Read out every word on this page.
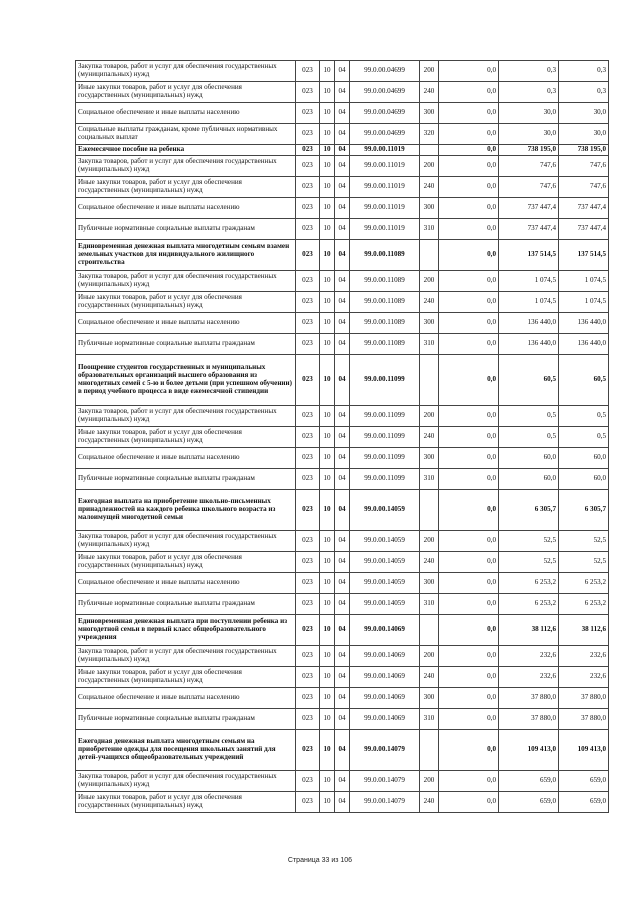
Закупка товаров, работ и услуг для обеспечения государственных (муниципальных) нужд	023	10	04	99.0.00.04699	200	0,0	0,3	0,3
Иные закупки товаров, работ и услуг для обеспечения государственных (муниципальных) нужд	023	10	04	99.0.00.04699	240	0,0	0,3	0,3
Социальное обеспечение и иные выплаты населению	023	10	04	99.0.00.04699	300	0,0	30,0	30,0
Социальные выплаты гражданам, кроме публичных нормативных социальных выплат	023	10	04	99.0.00.04699	320	0,0	30,0	30,0
Ежемесячное пособие на ребенка	023	10	04	99.0.00.11019		0,0	738 195,0	738 195,0
Закупка товаров, работ и услуг для обеспечения государственных (муниципальных) нужд	023	10	04	99.0.00.11019	200	0,0	747,6	747,6
Иные закупки товаров, работ и услуг для обеспечения государственных (муниципальных) нужд	023	10	04	99.0.00.11019	240	0,0	747,6	747,6
Социальное обеспечение и иные выплаты населению	023	10	04	99.0.00.11019	300	0,0	737 447,4	737 447,4
Публичные нормативные социальные выплаты гражданам	023	10	04	99.0.00.11019	310	0,0	737 447,4	737 447,4
Единовременная денежная выплата многодетным семьям взамен земельных участков для индивидуального жилищного строительства	023	10	04	99.0.00.11089		0,0	137 514,5	137 514,5
Закупка товаров, работ и услуг для обеспечения государственных (муниципальных) нужд	023	10	04	99.0.00.11089	200	0,0	1 074,5	1 074,5
Иные закупки товаров, работ и услуг для обеспечения государственных (муниципальных) нужд	023	10	04	99.0.00.11089	240	0,0	1 074,5	1 074,5
Социальное обеспечение и иные выплаты населению	023	10	04	99.0.00.11089	300	0,0	136 440,0	136 440,0
Публичные нормативные социальные выплаты гражданам	023	10	04	99.0.00.11089	310	0,0	136 440,0	136 440,0
Поощрение студентов государственных и муниципальных образовательных организаций высшего образования из многодетных семей с 5-ю и более детьми (при успешном обучении) в период учебного процесса в виде ежемесячной стипендии	023	10	04	99.0.00.11099		0,0	60,5	60,5
Закупка товаров, работ и услуг для обеспечения государственных (муниципальных) нужд	023	10	04	99.0.00.11099	200	0,0	0,5	0,5
Иные закупки товаров, работ и услуг для обеспечения государственных (муниципальных) нужд	023	10	04	99.0.00.11099	240	0,0	0,5	0,5
Социальное обеспечение и иные выплаты населению	023	10	04	99.0.00.11099	300	0,0	60,0	60,0
Публичные нормативные социальные выплаты гражданам	023	10	04	99.0.00.11099	310	0,0	60,0	60,0
Ежегодная выплата на приобретение школьно-письменных принадлежностей на каждого ребенка школьного возраста из малоимущей многодетной семьи	023	10	04	99.0.00.14059		0,0	6 305,7	6 305,7
Закупка товаров, работ и услуг для обеспечения государственных (муниципальных) нужд	023	10	04	99.0.00.14059	200	0,0	52,5	52,5
Иные закупки товаров, работ и услуг для обеспечения государственных (муниципальных) нужд	023	10	04	99.0.00.14059	240	0,0	52,5	52,5
Социальное обеспечение и иные выплаты населению	023	10	04	99.0.00.14059	300	0,0	6 253,2	6 253,2
Публичные нормативные социальные выплаты гражданам	023	10	04	99.0.00.14059	310	0,0	6 253,2	6 253,2
Единовременная денежная выплата при поступлении ребенка из многодетной семьи в первый класс общеобразовательного учреждения	023	10	04	99.0.00.14069		0,0	38 112,6	38 112,6
Закупка товаров, работ и услуг для обеспечения государственных (муниципальных) нужд	023	10	04	99.0.00.14069	200	0,0	232,6	232,6
Иные закупки товаров, работ и услуг для обеспечения государственных (муниципальных) нужд	023	10	04	99.0.00.14069	240	0,0	232,6	232,6
Социальное обеспечение и иные выплаты населению	023	10	04	99.0.00.14069	300	0,0	37 880,0	37 880,0
Публичные нормативные социальные выплаты гражданам	023	10	04	99.0.00.14069	310	0,0	37 880,0	37 880,0
Ежегодная денежная выплата многодетным семьям на приобретение одежды для посещения школьных занятий для детей-учащихся общеобразовательных учреждений	023	10	04	99.0.00.14079		0,0	109 413,0	109 413,0
Закупка товаров, работ и услуг для обеспечения государственных (муниципальных) нужд	023	10	04	99.0.00.14079	200	0,0	659,0	659,0
Иные закупки товаров, работ и услуг для обеспечения государственных (муниципальных) нужд	023	10	04	99.0.00.14079	240	0,0	659,0	659,0
Страница 33 из 106
